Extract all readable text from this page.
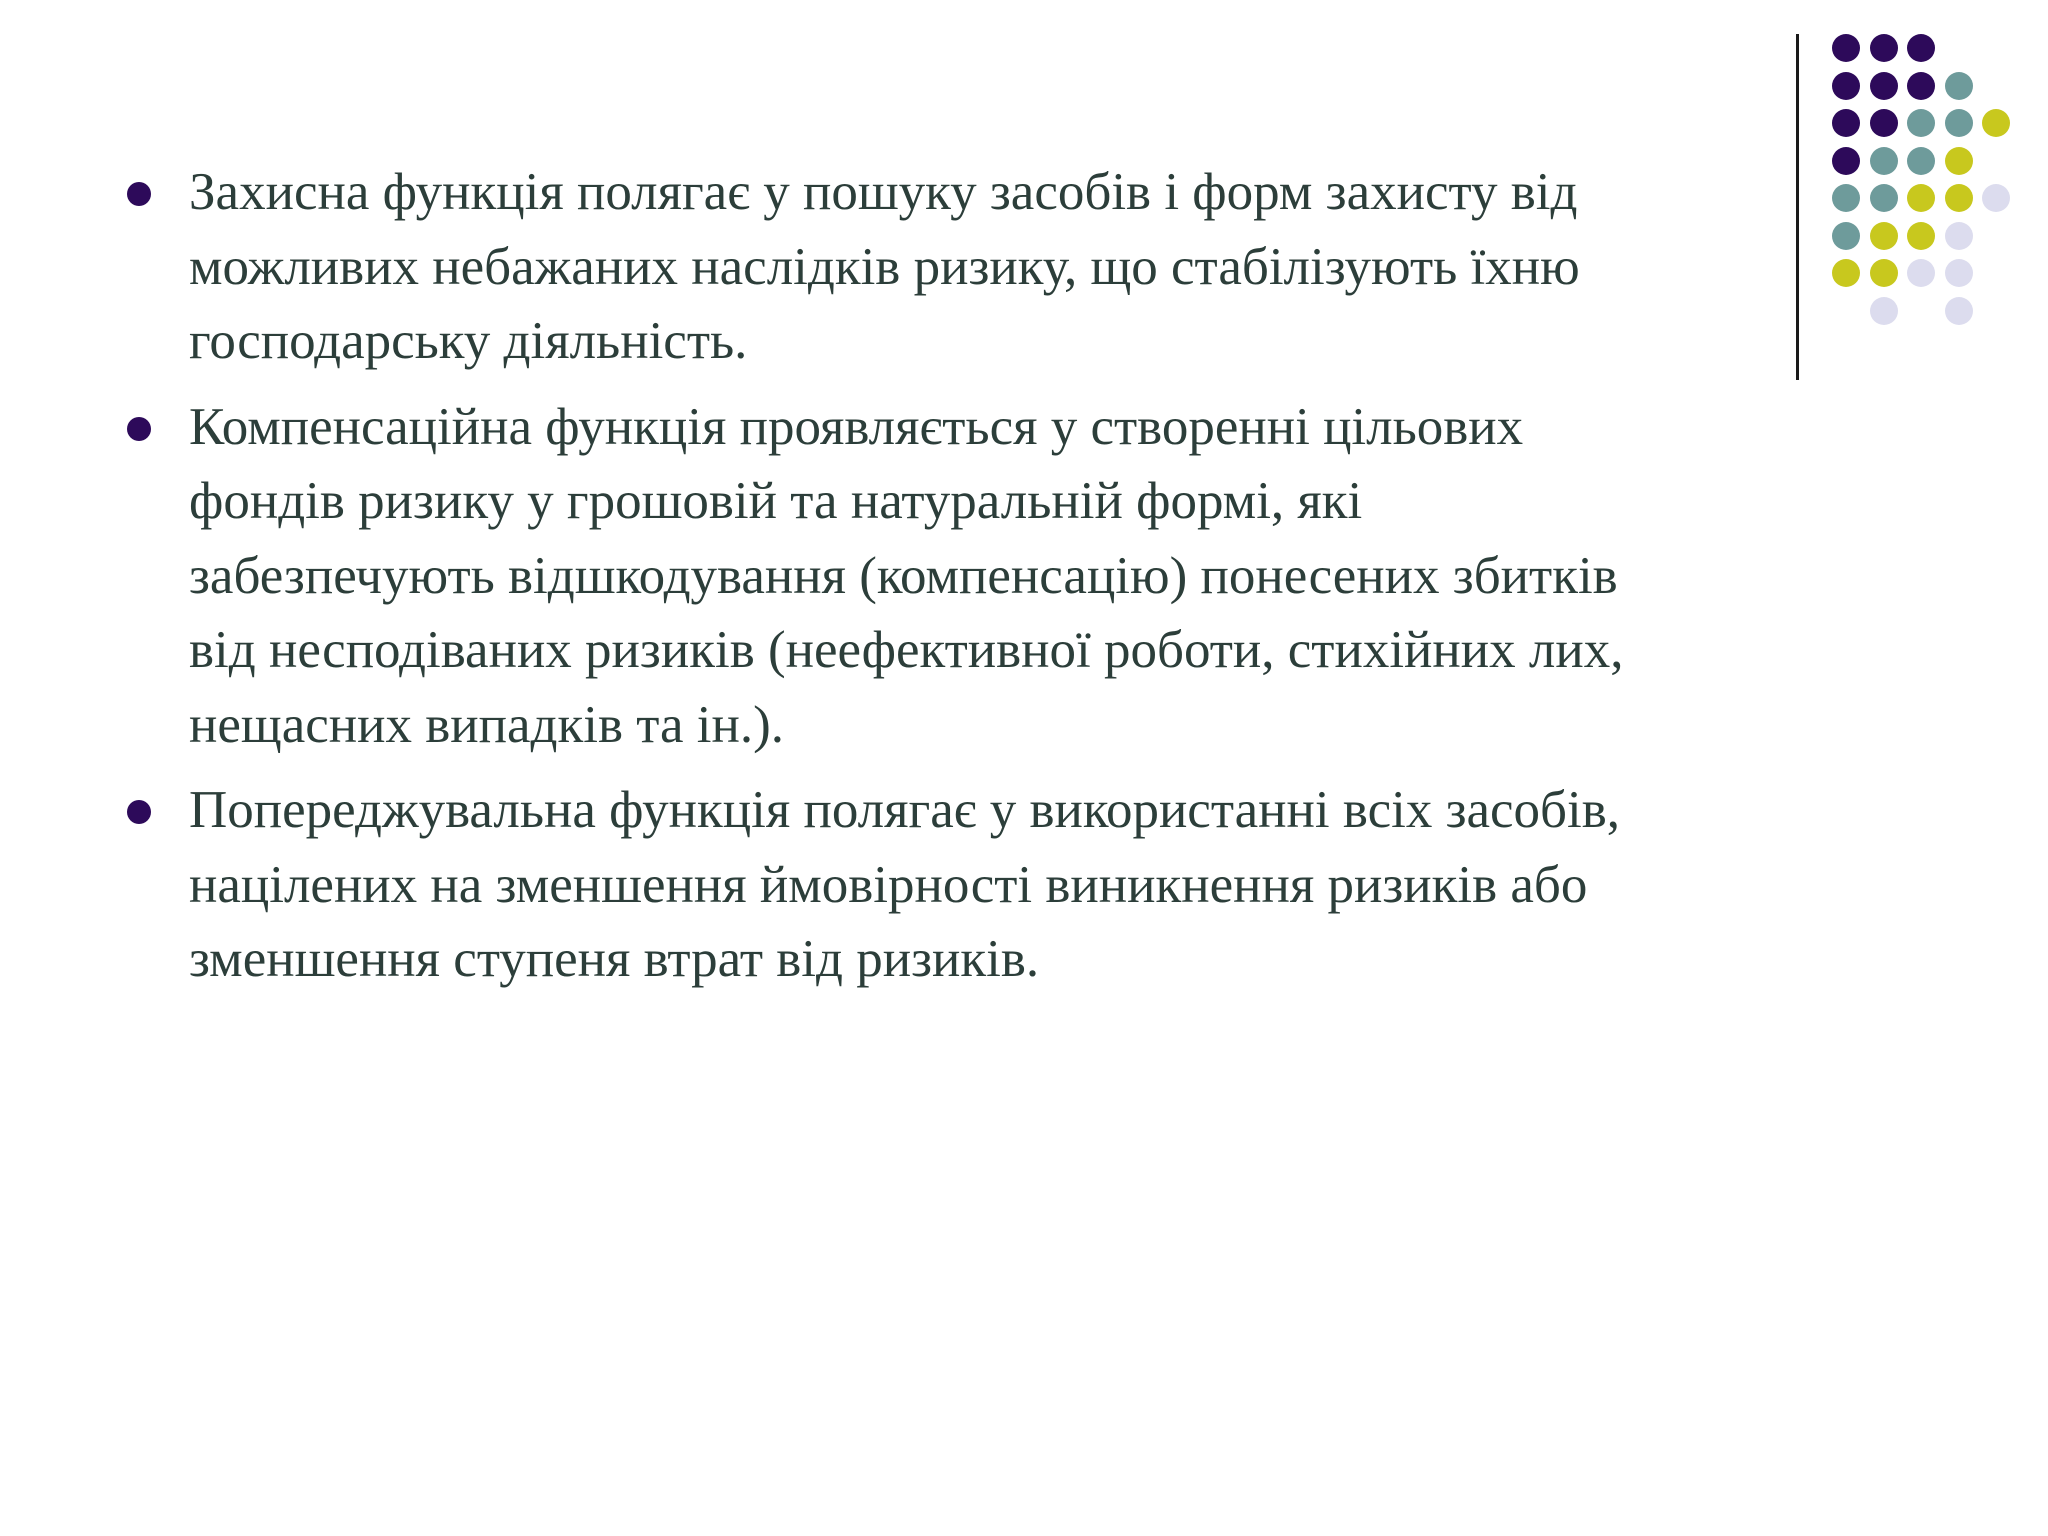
Захисна функція полягає у пошуку засобів і форм захисту від
можливих небажаних наслідків ризику, що стабілізують їхню
господарську діяльність.
Компенсаційна функція проявляється у створенні цільових
фондів ризику у грошовій та натуральній формі, які
забезпечують відшкодування (компенсацію) понесених збитків
від несподіваних ризиків (неефективної роботи, стихійних лих,
нещасних випадків та ін.).
Попереджувальна функція полягає у використанні всіх засобів,
націлених на зменшення ймовірності виникнення ризиків або
зменшення ступеня втрат від ризиків.
